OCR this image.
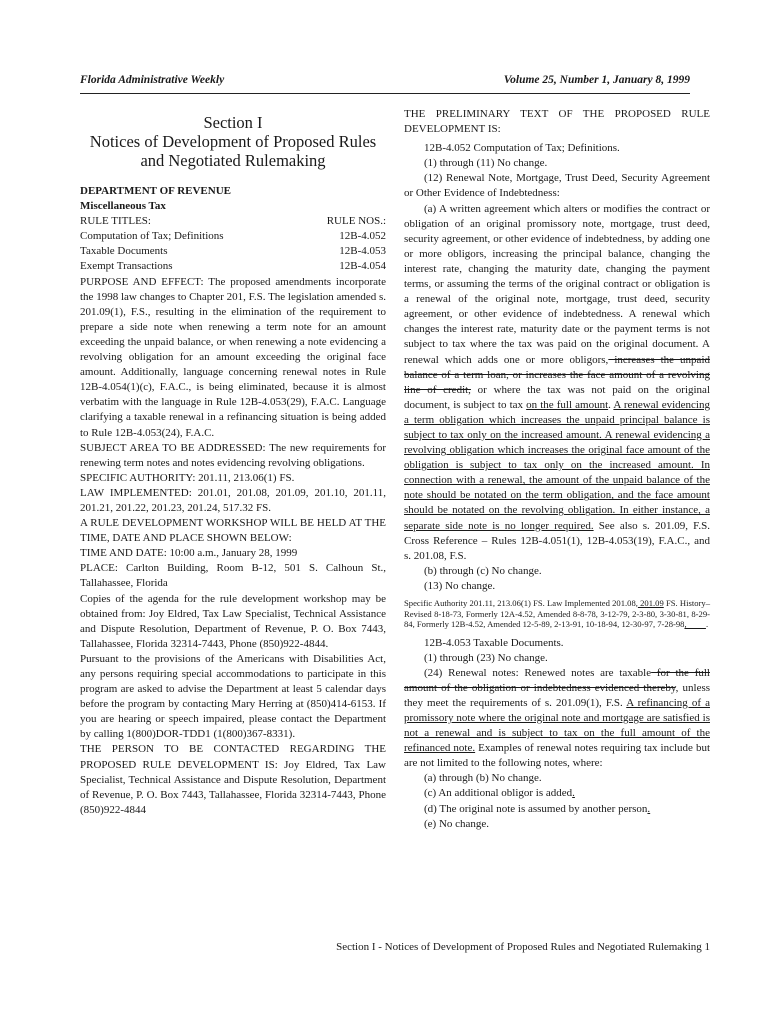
Florida Administrative Weekly	Volume 25, Number 1, January 8, 1999

Section I
Notices of Development of Proposed Rules
and Negotiated Rulemaking

DEPARTMENT OF REVENUE

Miscellaneous Tax

RULE TITLES:	RULE NOS.:
Computation of Tax; Definitions	12B-4.052
Taxable Documents	12B-4.053
Exempt Transactions	12B-4.054

PURPOSE AND EFFECT: The proposed amendments incorporate the 1998 law changes to Chapter 201, F.S. The legislation amended s. 201.09(1), F.S., resulting in the elimination of the requirement to prepare a side note when renewing a term note for an amount exceeding the unpaid balance, or when renewing a note evidencing a revolving obligation for an amount exceeding the original face amount. Additionally, language concerning renewal notes in Rule 12B-4.054(1)(c), F.A.C., is being eliminated, because it is almost verbatim with the language in Rule 12B-4.053(29), F.A.C. Language clarifying a taxable renewal in a refinancing situation is being added to Rule 12B-4.053(24), F.A.C.

SUBJECT AREA TO BE ADDRESSED: The new requirements for renewing term notes and notes evidencing revolving obligations.

SPECIFIC AUTHORITY: 201.11, 213.06(1) FS.

LAW IMPLEMENTED: 201.01, 201.08, 201.09, 201.10, 201.11, 201.21, 201.22, 201.23, 201.24, 517.32 FS.

A RULE DEVELOPMENT WORKSHOP WILL BE HELD AT THE TIME, DATE AND PLACE SHOWN BELOW:

TIME AND DATE: 10:00 a.m., January 28, 1999

PLACE: Carlton Building, Room B-12, 501 S. Calhoun St., Tallahassee, Florida

Copies of the agenda for the rule development workshop may be obtained from: Joy Eldred, Tax Law Specialist, Technical Assistance and Dispute Resolution, Department of Revenue, P. O. Box 7443, Tallahassee, Florida 32314-7443, Phone (850)922-4844.

Pursuant to the provisions of the Americans with Disabilities Act, any persons requiring special accommodations to participate in this program are asked to advise the Department at least 5 calendar days before the program by contacting Mary Herring at (850)414-6153. If you are hearing or speech impaired, please contact the Department by calling 1(800)DOR-TDD1 (1(800)367-8331).

THE PERSON TO BE CONTACTED REGARDING THE PROPOSED RULE DEVELOPMENT IS: Joy Eldred, Tax Law Specialist, Technical Assistance and Dispute Resolution, Department of Revenue, P. O. Box 7443, Tallahassee, Florida 32314-7443, Phone (850)922-4844

THE PRELIMINARY TEXT OF THE PROPOSED RULE DEVELOPMENT IS:

12B-4.052 Computation of Tax; Definitions.

(1) through (11) No change.

(12) Renewal Note, Mortgage, Trust Deed, Security Agreement or Other Evidence of Indebtedness:

(a) A written agreement which alters or modifies the contract or obligation of an original promissory note, mortgage, trust deed, security agreement, or other evidence of indebtedness, by adding one or more obligors, increasing the principal balance, changing the interest rate, changing the maturity date, changing the payment terms, or assuming the terms of the original contract or obligation is a renewal of the original note, mortgage, trust deed, security agreement, or other evidence of indebtedness. A renewal which changes the interest rate, maturity date or the payment terms is not subject to tax where the tax was paid on the original document. A renewal which adds one or more obligors, increases the unpaid balance of a term loan, or increases the face amount of a revolving line of credit, or where the tax was not paid on the original document, is subject to tax on the full amount. A renewal evidencing a term obligation which increases the unpaid principal balance is subject to tax only on the increased amount. A renewal evidencing a revolving obligation which increases the original face amount of the obligation is subject to tax only on the increased amount. In connection with a renewal, the amount of the unpaid balance of the note should be notated on the term obligation, and the face amount should be notated on the revolving obligation. In either instance, a separate side note is no longer required. See also s. 201.09, F.S. Cross Reference – Rules 12B-4.051(1), 12B-4.053(19), F.A.C., and s. 201.08, F.S.

(b) through (c) No change.

(13) No change.

Specific Authority 201.11, 213.06(1) FS. Law Implemented 201.08, 201.09 FS. History–Revised 8-18-73, Formerly 12A-4.52, Amended 8-8-78, 3-12-79, 2-3-80, 3-30-81, 8-29-84, Formerly 12B-4.52, Amended 12-5-89, 2-13-91, 10-18-94, 12-30-97, 7-28-98,         .

12B-4.053 Taxable Documents.

(1) through (23) No change.

(24) Renewal notes: Renewed notes are taxable for the full amount of the obligation or indebtedness evidenced thereby, unless they meet the requirements of s. 201.09(1), F.S. A refinancing of a promissory note where the original note and mortgage are satisfied is not a renewal and is subject to tax on the full amount of the refinanced note. Examples of renewal notes requiring tax include but are not limited to the following notes, where:

(a) through (b) No change.

(c) An additional obligor is added.

(d) The original note is assumed by another person.

(e) No change.

Section I - Notices of Development of Proposed Rules and Negotiated Rulemaking 1
